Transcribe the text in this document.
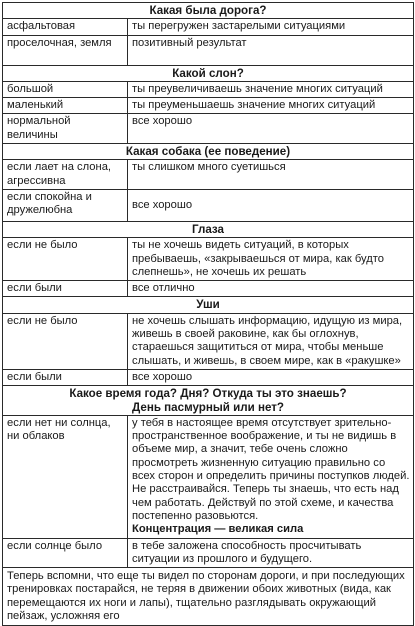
Какая была дорога?	
асфальтовая	ты перегружен застарелыми ситуациями
проселочная, земля	позитивный результат
Какой слон?	
большой	ты преувеличиваешь значение многих ситуаций
маленький	ты преуменьшаешь значение многих ситуаций
нормальной величины	все хорошо
Какая собака (ее поведение)	
если лает на слона, агрессивна	ты слишком много суетишься
если спокойна и дружелюбна	все хорошо
Глаза	
если не было	ты не хочешь видеть ситуаций, в которых пребываешь, «закрываешься от мира, как будто слепнешь», не хочешь их решать
если были	все отлично
Уши	
если не было	не хочешь слышать информацию, идущую из мира, живешь в своей раковине, как бы оглохнув, стараешься защититься от мира, чтобы меньше слышать, и живешь, в своем мире, как в «ракушке»
если были	все хорошо

Какое время года? Дня? Откуда ты это знаешь?
День пасмурный или нет?	

если нет ни солнца, ни облаков	у тебя в настоящее время отсутствует зрительно-пространственное воображение, и ты не видишь в объеме мир, а значит, тебе очень сложно просмотреть жизненную ситуацию правильно со всех сторон и определить причины поступков людей.
Не расстраивайся. Теперь ты знаешь, что есть над чем работать. Действуй по этой схеме, и качества постепенно разовьются.
Концентрация — великая сила

если солнце было	в тебе заложена способность просчитывать ситуации из прошлого и будущего.
Теперь вспомни, что еще ты видел по сторонам дороги, и при последующих тренировках постарайся, не теряя в движении обоих животных (вида, как перемещаются их ноги и лапы), тщательно разглядывать окружающий пейзаж, усложняя его	
